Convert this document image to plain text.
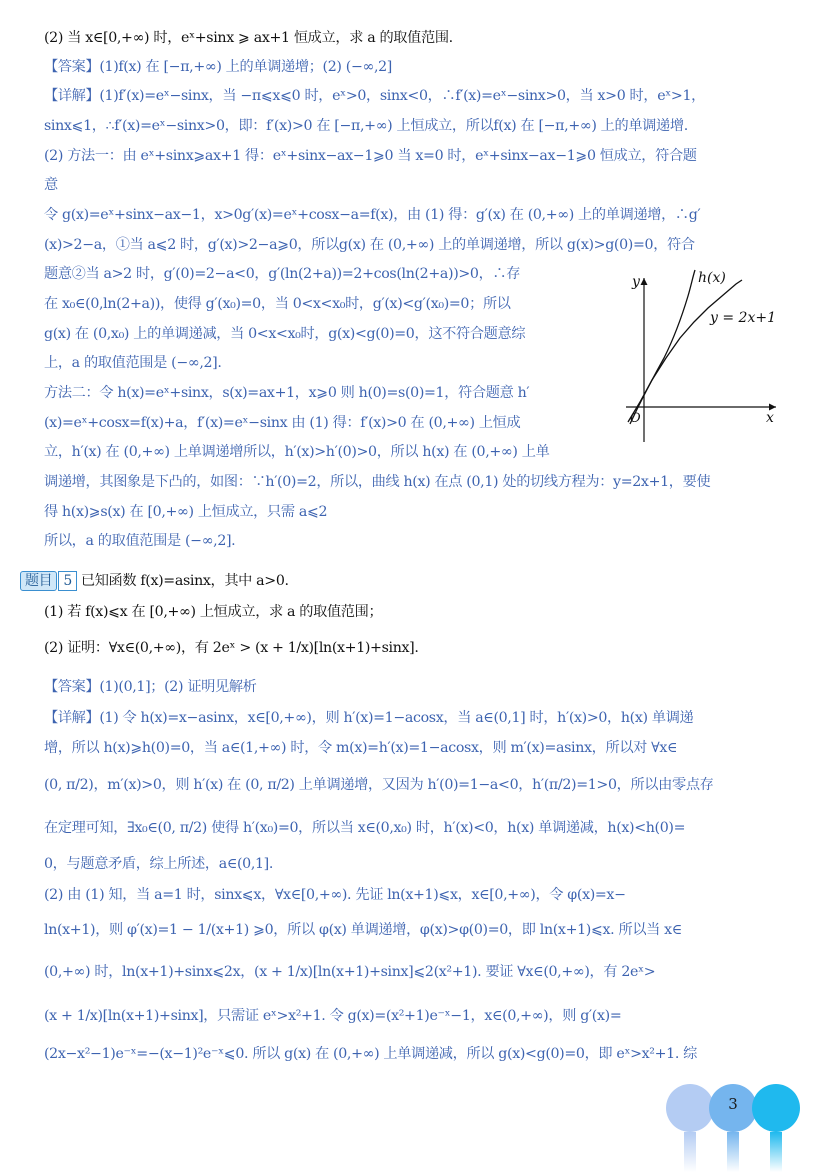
(2) 当 x∈[0,+∞) 时，eˣ+sinx ⩾ ax+1 恒成立，求 a 的取值范围.
【答案】(1)f(x) 在 [−π,+∞) 上的单调递增；(2) (−∞,2]
【详解】(1)f′(x)=eˣ−sinx，当 −π⩽x⩽0 时，eˣ>0，sinx<0，∴f′(x)=eˣ−sinx>0，当 x>0 时，eˣ>1，
sinx⩽1，∴f′(x)=eˣ−sinx>0，即：f′(x)>0 在 [−π,+∞) 上恒成立，所以f(x) 在 [−π,+∞) 上的单调递增.
(2) 方法一：由 eˣ+sinx⩾ax+1 得：eˣ+sinx−ax−1⩾0 当 x=0 时，eˣ+sinx−ax−1⩾0 恒成立，符合题
意
令 g(x)=eˣ+sinx−ax−1，x>0g′(x)=eˣ+cosx−a=f(x)，由 (1) 得：g′(x) 在 (0,+∞) 上的单调递增，∴g′
(x)>2−a，①当 a⩽2 时，g′(x)>2−a⩾0，所以g(x) 在 (0,+∞) 上的单调递增，所以 g(x)>g(0)=0，符合
题意②当 a>2 时，g′(0)=2−a<0，g′(ln(2+a))=2+cos(ln(2+a))>0，∴存
在 x₀∈(0,ln(2+a))，使得 g′(x₀)=0，当 0<x<x₀时，g′(x)<g′(x₀)=0；所以
g(x) 在 (0,x₀) 上的单调递减，当 0<x<x₀时，g(x)<g(0)=0，这不符合题意综
上，a 的取值范围是 (−∞,2].
方法二：令 h(x)=eˣ+sinx，s(x)=ax+1，x⩾0 则 h(0)=s(0)=1，符合题意 h′
(x)=eˣ+cosx=f(x)+a，f′(x)=eˣ−sinx 由 (1) 得：f′(x)>0 在 (0,+∞) 上恒成
立，h′(x) 在 (0,+∞) 上单调递增所以，h′(x)>h′(0)>0，所以 h(x) 在 (0,+∞) 上单
调递增，其图象是下凸的，如图：∵h′(0)=2，所以，曲线 h(x) 在点 (0,1) 处的切线方程为：y=2x+1，要使
得 h(x)⩾s(x) 在 [0,+∞) 上恒成立，只需 a⩽2
所以，a 的取值范围是 (−∞,2].
题目 5 已知函数 f(x)=asinx，其中 a>0.
(1) 若 f(x)⩽x 在 [0,+∞) 上恒成立，求 a 的取值范围；
(2) 证明：∀x∈(0,+∞)，有 2eˣ > (x + 1/x)[ln(x+1)+sinx].
【答案】(1)(0,1]；(2) 证明见解析
【详解】(1) 令 h(x)=x−asinx，x∈[0,+∞)，则 h′(x)=1−acosx，当 a∈(0,1] 时，h′(x)>0，h(x) 单调递
增，所以 h(x)⩾h(0)=0，当 a∈(1,+∞) 时，令 m(x)=h′(x)=1−acosx，则 m′(x)=asinx，所以对 ∀x∈
(0, π/2)，m′(x)>0，则 h′(x) 在 (0, π/2) 上单调递增，又因为 h′(0)=1−a<0，h′(π/2)=1>0，所以由零点存
在定理可知，∃x₀∈(0, π/2) 使得 h′(x₀)=0，所以当 x∈(0,x₀) 时，h′(x)<0，h(x) 单调递减，h(x)<h(0)=
0，与题意矛盾，综上所述，a∈(0,1].
(2) 由 (1) 知，当 a=1 时，sinx⩽x，∀x∈[0,+∞). 先证 ln(x+1)⩽x，x∈[0,+∞)，令 φ(x)=x−
ln(x+1)，则 φ′(x)=1 − 1/(x+1) ⩾0，所以 φ(x) 单调递增，φ(x)>φ(0)=0，即 ln(x+1)⩽x. 所以当 x∈
(0,+∞) 时，ln(x+1)+sinx⩽2x，(x + 1/x)[ln(x+1)+sinx]⩽2(x²+1). 要证 ∀x∈(0,+∞)，有 2eˣ>
(x + 1/x)[ln(x+1)+sinx]，只需证 eˣ>x²+1. 令 g(x)=(x²+1)e⁻ˣ−1，x∈(0,+∞)，则 g′(x)=
(2x−x²−1)e⁻ˣ=−(x−1)²e⁻ˣ⩽0. 所以 g(x) 在 (0,+∞) 上单调递减，所以 g(x)<g(0)=0，即 eˣ>x²+1. 综
y
x
O
h(x)
y = 2x+1
3
